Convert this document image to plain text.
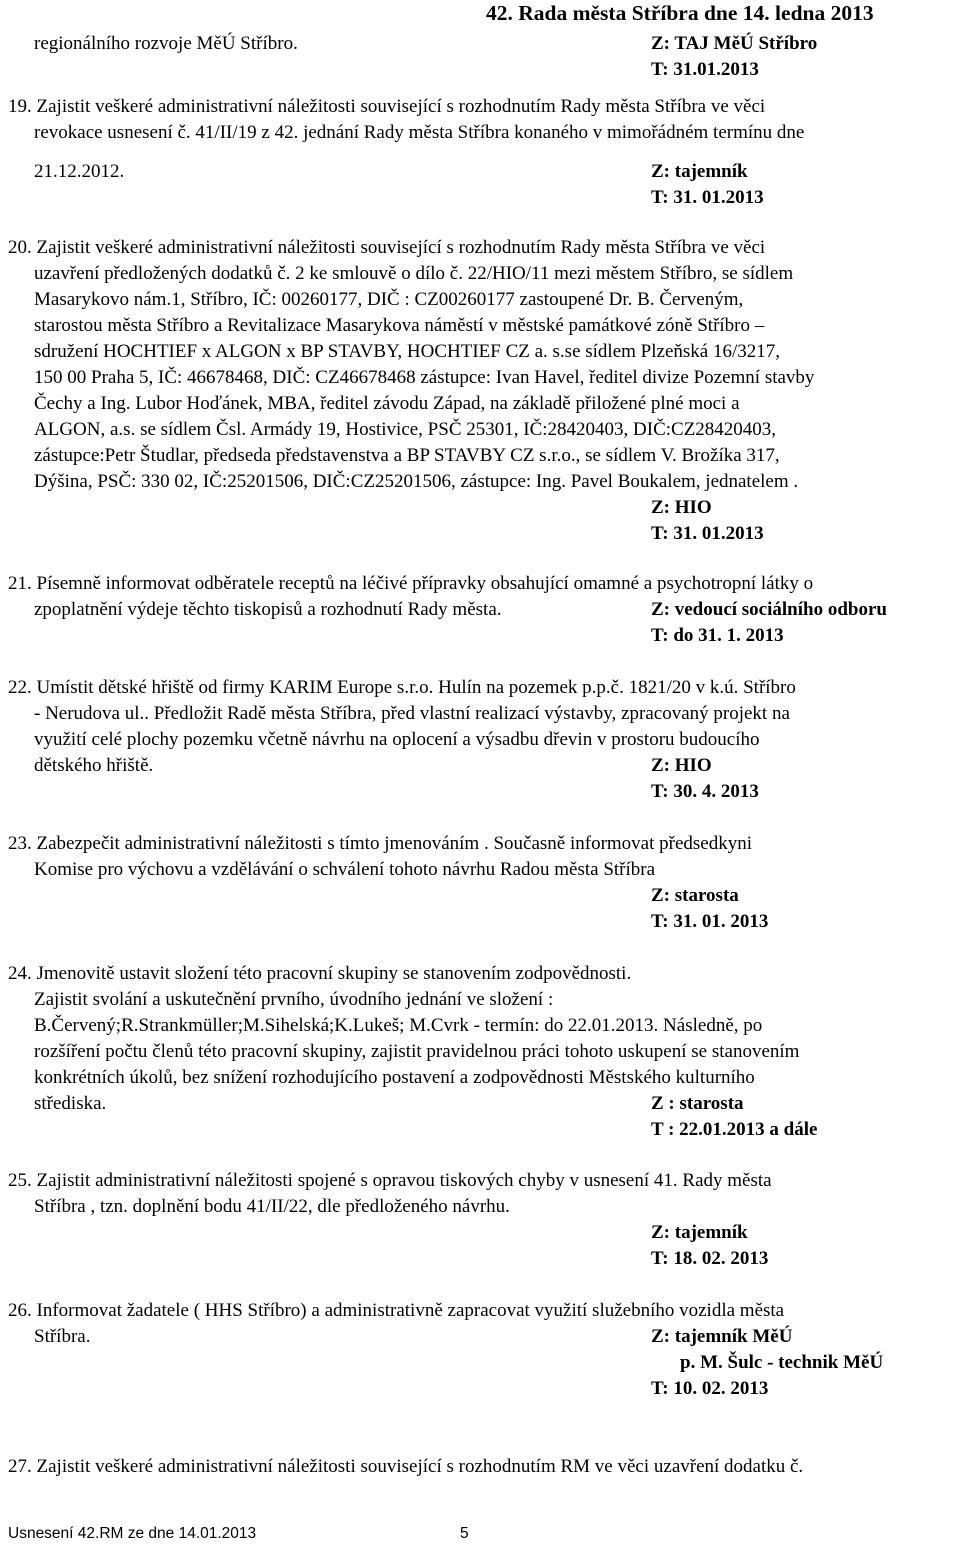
42. Rada města Stříbra dne 14. ledna 2013
regionálního rozvoje MěÚ Stříbro.	Z: TAJ MěÚ Stříbro
T: 31.01.2013
19. Zajistit veškeré administrativní náležitosti související s rozhodnutím Rady města Stříbra ve věci
revokace usnesení č. 41/II/19 z 42. jednání Rady města Stříbra konaného v mimořádném termínu dne
21.12.2012.	Z: tajemník
T: 31. 01.2013
20. Zajistit veškeré administrativní náležitosti související s rozhodnutím Rady města Stříbra ve věci
uzavření předložených dodatků č. 2 ke smlouvě o dílo č. 22/HIO/11 mezi městem Stříbro, se sídlem
Masarykovo nám.1, Stříbro, IČ: 00260177, DIČ : CZ00260177 zastoupené Dr. B. Červeným,
starostou města Stříbro a Revitalizace Masarykova náměstí v městské památkové zóně Stříbro –
sdružení HOCHTIEF x ALGON x BP STAVBY, HOCHTIEF CZ a. s.se sídlem Plzeňská 16/3217,
150 00 Praha 5, IČ: 46678468, DIČ: CZ46678468 zástupce: Ivan Havel, ředitel divize Pozemní stavby
Čechy a Ing. Lubor Hoďánek, MBA, ředitel závodu Západ, na základě přiložené plné moci a
ALGON, a.s. se sídlem Čsl. Armády 19, Hostivice, PSČ 25301, IČ:28420403, DIČ:CZ28420403,
zástupce:Petr Študlar, předseda představenstva a BP STAVBY CZ s.r.o., se sídlem V. Brožíka 317,
Dýšina, PSČ: 330 02, IČ:25201506, DIČ:CZ25201506, zástupce: Ing. Pavel Boukalem, jednatelem .
Z: HIO
T: 31. 01.2013
21. Písemně informovat odběratele receptů na léčivé přípravky obsahující omamné a psychotropní látky o
zpoplatnění výdeje těchto tiskopisů a rozhodnutí Rady města.	Z: vedoucí sociálního odboru
T: do 31. 1. 2013
22. Umístit dětské hřiště od firmy KARIM Europe s.r.o. Hulín na pozemek p.p.č. 1821/20 v k.ú. Stříbro
- Nerudova ul.. Předložit Radě města Stříbra, před vlastní realizací výstavby, zpracovaný projekt na
využití celé plochy pozemku včetně návrhu na oplocení a výsadbu dřevin v prostoru budoucího
dětského hřiště.	Z: HIO
T: 30. 4. 2013
23. Zabezpečit administrativní náležitosti s tímto jmenováním . Současně informovat předsedkyni
Komise pro výchovu a vzdělávání o schválení tohoto návrhu Radou města Stříbra
Z: starosta
T: 31. 01. 2013
24. Jmenovitě ustavit složení této pracovní skupiny se stanovením zodpovědnosti.
Zajistit svolání a uskutečnění prvního, úvodního jednání ve složení :
B.Červený;R.Strankmüller;M.Sihelská;K.Lukeš; M.Cvrk - termín: do 22.01.2013. Následně, po
rozšíření počtu členů této pracovní skupiny, zajistit pravidelnou práci tohoto uskupení se stanovením
konkrétních úkolů, bez snížení rozhodujícího postavení a zodpovědnosti Městského kulturního
střediska.	Z : starosta
T : 22.01.2013 a dále
25. Zajistit administrativní náležitosti spojené s opravou tiskových chyby v usnesení 41. Rady města
Stříbra , tzn. doplnění bodu 41/II/22, dle předloženého návrhu.
Z: tajemník
T: 18. 02. 2013
26. Informovat žadatele ( HHS Stříbro) a administrativně zapracovat využití služebního vozidla města
Stříbra.	Z: tajemník MěÚ
p. M. Šulc - technik MěÚ
T: 10. 02. 2013
27. Zajistit veškeré administrativní náležitosti související s rozhodnutím RM ve věci uzavření dodatku č.
Usnesení 42.RM ze dne 14.01.2013	5
